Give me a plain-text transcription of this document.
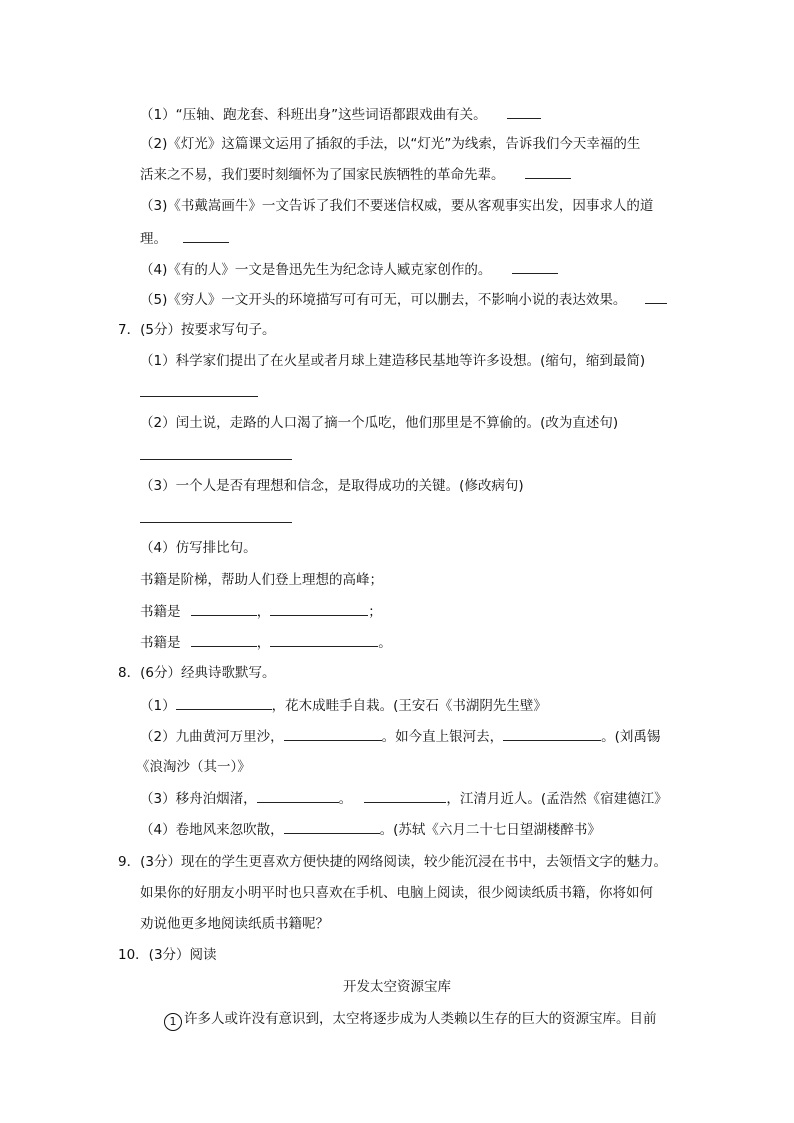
（1）“压轴、跑龙套、科班出身”这些词语都跟戏曲有关。
（2)《灯光》这篇课文运用了插叙的手法，以“灯光”为线索，告诉我们今天幸福的生
活来之不易，我们要时刻缅怀为了国家民族牺牲的革命先辈。
（3)《书戴嵩画牛》一文告诉了我们不要迷信权威，要从客观事实出发，因事求人的道
理。
（4)《有的人》一文是鲁迅先生为纪念诗人臧克家创作的。
（5)《穷人》一文开头的环境描写可有可无，可以删去，不影响小说的表达效果。
7．(5分）按要求写句子。
（1）科学家们提出了在火星或者月球上建造移民基地等许多设想。(缩句，缩到最简)
（2）闰土说，走路的人口渴了摘一个瓜吃，他们那里是不算偷的。(改为直述句)
（3）一个人是否有理想和信念，是取得成功的关键。(修改病句)
（4）仿写排比句。
书籍是阶梯，帮助人们登上理想的高峰；
书籍是	，	；
书籍是	，	。
8．(6分）经典诗歌默写。
（1）	，花木成畦手自栽。(王安石《书湖阴先生壁》
（2）九曲黄河万里沙，	。如今直上银河去，	。(刘禹锡
《浪淘沙（其一）》
（3）移舟泊烟渚，	。	，江清月近人。(孟浩然《宿建德江》
（4）卷地风来忽吹散，	。(苏轼《六月二十七日望湖楼醉书》
9．(3分）现在的学生更喜欢方便快捷的网络阅读，较少能沉浸在书中，去领悟文字的魅力。
如果你的好朋友小明平时也只喜欢在手机、电脑上阅读，很少阅读纸质书籍，你将如何
劝说他更多地阅读纸质书籍呢？
10．(3分）阅读
开发太空资源宝库
1 许多人或许没有意识到，太空将逐步成为人类赖以生存的巨大的资源宝库。目前
